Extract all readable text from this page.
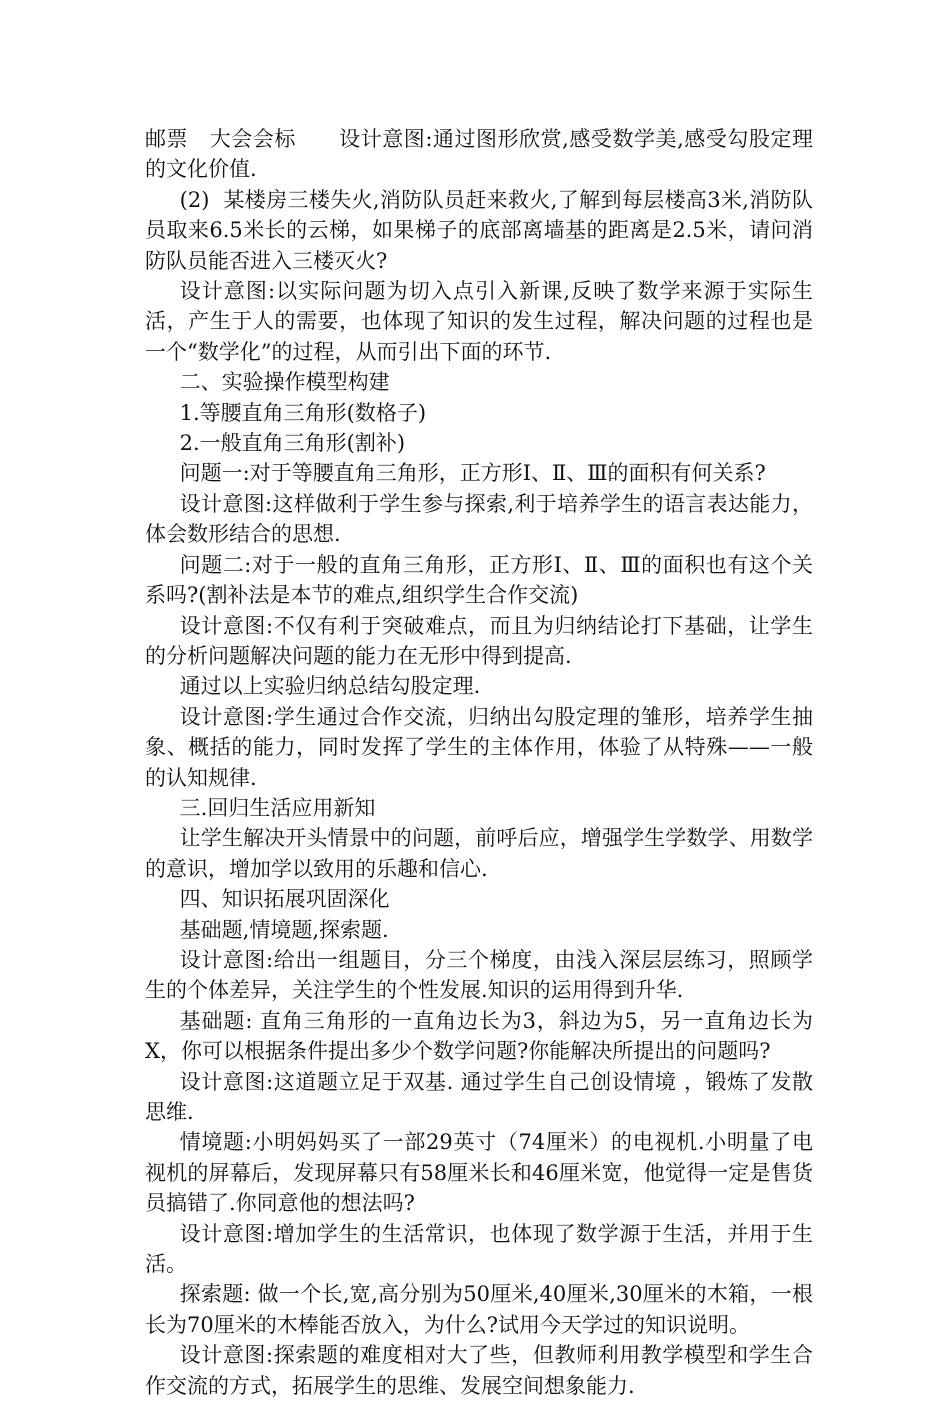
邮票   大会会标      设计意图:通过图形欣赏,感受数学美,感受勾股定理的文化价值.

(2)  某楼房三楼失火,消防队员赶来救火,了解到每层楼高3米,消防队员取来6.5米长的云梯，如果梯子的底部离墙基的距离是2.5米，请问消防队员能否进入三楼灭火?

设计意图:以实际问题为切入点引入新课,反映了数学来源于实际生活，产生于人的需要，也体现了知识的发生过程，解决问题的过程也是一个“数学化”的过程，从而引出下面的环节.

二、实验操作模型构建

1.等腰直角三角形(数格子)

2.一般直角三角形(割补)

问题一:对于等腰直角三角形，正方形Ⅰ、Ⅱ、Ⅲ的面积有何关系?

设计意图:这样做利于学生参与探索,利于培养学生的语言表达能力，体会数形结合的思想.

问题二:对于一般的直角三角形，正方形Ⅰ、Ⅱ、Ⅲ的面积也有这个关系吗?(割补法是本节的难点,组织学生合作交流)

设计意图:不仅有利于突破难点，而且为归纳结论打下基础，让学生的分析问题解决问题的能力在无形中得到提高.

通过以上实验归纳总结勾股定理.

设计意图:学生通过合作交流，归纳出勾股定理的雏形，培养学生抽象、概括的能力，同时发挥了学生的主体作用，体验了从特殊——一般的认知规律.

三.回归生活应用新知

让学生解决开头情景中的问题，前呼后应，增强学生学数学、用数学的意识，增加学以致用的乐趣和信心.

四、知识拓展巩固深化

基础题,情境题,探索题.

设计意图:给出一组题目，分三个梯度，由浅入深层层练习，照顾学生的个体差异，关注学生的个性发展.知识的运用得到升华.

基础题: 直角三角形的一直角边长为3，斜边为5，另一直角边长为X，你可以根据条件提出多少个数学问题?你能解决所提出的问题吗?

设计意图:这道题立足于双基. 通过学生自己创设情境 ，锻炼了发散思维.

情境题:小明妈妈买了一部29英寸（74厘米）的电视机.小明量了电视机的屏幕后，发现屏幕只有58厘米长和46厘米宽，他觉得一定是售货员搞错了.你同意他的想法吗?

设计意图:增加学生的生活常识，也体现了数学源于生活，并用于生活。

探索题: 做一个长,宽,高分别为50厘米,40厘米,30厘米的木箱，一根长为70厘米的木棒能否放入，为什么?试用今天学过的知识说明。

设计意图:探索题的难度相对大了些，但教师利用教学模型和学生合作交流的方式，拓展学生的思维、发展空间想象能力.
